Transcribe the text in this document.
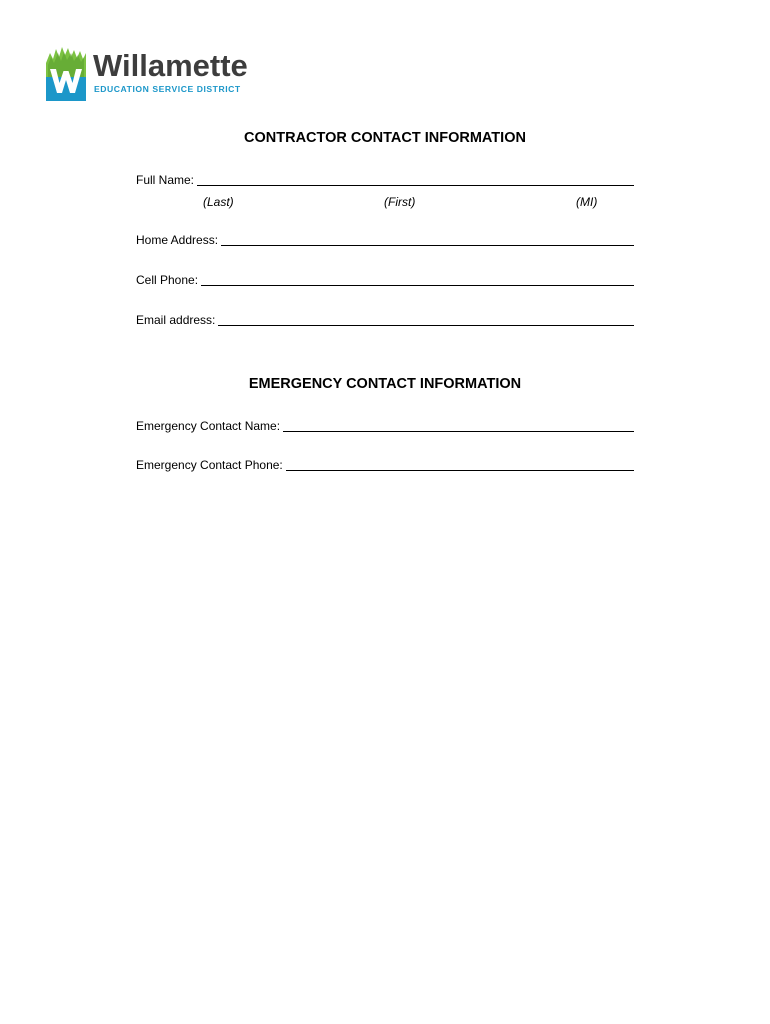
Willamette
EDUCATION SERVICE DISTRICT
CONTRACTOR CONTACT INFORMATION
Full Name:
(Last)	(First)	(MI)
Home Address:
Cell Phone:
Email address:
EMERGENCY CONTACT INFORMATION
Emergency Contact Name:
Emergency Contact Phone:
